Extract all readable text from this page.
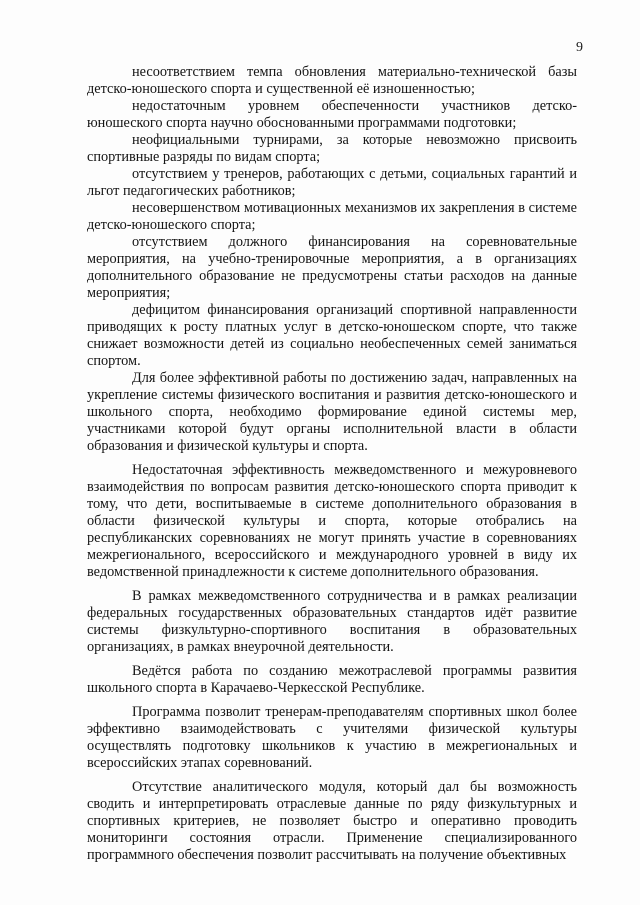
9

несоответствием темпа обновления материально-технической базы детско-юношеского спорта и существенной её изношенностью;

недостаточным уровнем обеспеченности участников детско-юношеского спорта научно обоснованными программами подготовки;

неофициальными турнирами, за которые невозможно присвоить спортивные разряды по видам спорта;

отсутствием у тренеров, работающих с детьми, социальных гарантий и льгот педагогических работников;

несовершенством мотивационных механизмов их закрепления в системе детско-юношеского спорта;

отсутствием должного финансирования на соревновательные мероприятия, на учебно-тренировочные мероприятия, а в организациях дополнительного образование не предусмотрены статьи расходов на данные мероприятия;

дефицитом финансирования организаций спортивной направленности приводящих к росту платных услуг в детско-юношеском спорте, что также снижает возможности детей из социально необеспеченных семей заниматься спортом.

Для более эффективной работы по достижению задач, направленных на укрепление системы физического воспитания и развития детско-юношеского и школьного спорта, необходимо формирование единой системы мер, участниками которой будут органы исполнительной власти в области образования и физической культуры и спорта.

Недостаточная эффективность межведомственного и межуровневого взаимодействия по вопросам развития детско-юношеского спорта приводит к тому, что дети, воспитываемые в системе дополнительного образования в области физической культуры и спорта, которые отобрались на республиканских соревнованиях не могут принять участие в соревнованиях межрегионального, всероссийского и международного уровней в виду их ведомственной принадлежности к системе дополнительного образования.

В рамках межведомственного сотрудничества и в рамках реализации федеральных государственных образовательных стандартов идёт развитие системы физкультурно-спортивного воспитания в образовательных организациях, в рамках внеурочной деятельности.

Ведётся работа по созданию межотраслевой программы развития школьного спорта в Карачаево-Черкесской Республике.

Программа позволит тренерам-преподавателям спортивных школ более эффективно взаимодействовать с учителями физической культуры осуществлять подготовку школьников к участию в межрегиональных и всероссийских этапах соревнований.

Отсутствие аналитического модуля, который дал бы возможность сводить и интерпретировать отраслевые данные по ряду физкультурных и спортивных критериев, не позволяет быстро и оперативно проводить мониторинги состояния отрасли. Применение специализированного программного обеспечения позволит рассчитывать на получение объективных
